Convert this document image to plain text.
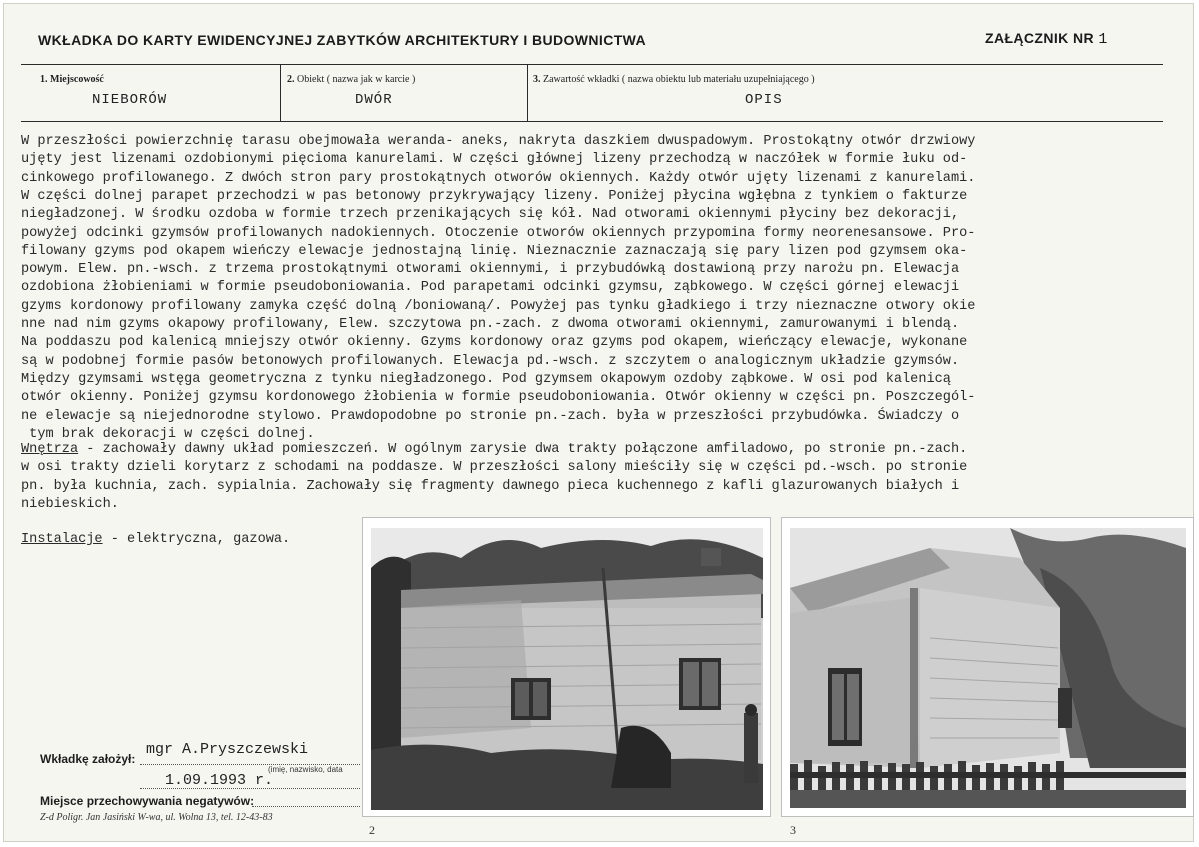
WKŁADKA DO KARTY EWIDENCYJNEJ ZABYTKÓW ARCHITEKTURY I BUDOWNICTWA	ZAŁĄCZNIK NR 1
1. Miejscowość	2. Obiekt ( nazwa jak w karcie )	3. Zawartość wkładki ( nazwa obiektu lub materiału uzupełniającego )
NIEBORÓW	DWÓR	OPIS
W przeszłości powierzchnię tarasu obejmowała weranda- aneks, nakryta daszkiem dwuspadowym. Prostokątny otwór drzwiowy
ujęty jest lizenami ozdobionymi pięcioma kanurelami. W części głównej lizeny przechodzą w naczółek w formie łuku od-
cinkowego profilowanego. Z dwóch stron pary prostokątnych otworów okiennych. Każdy otwór ujęty lizenami z kanurelami.
W części dolnej parapet przechodzi w pas betonowy przykrywający lizeny. Poniżej płycina wgłębna z tynkiem o fakturze
niegładzonej. W środku ozdoba w formie trzech przenikających się kół. Nad otworami okiennymi płyciny bez dekoracji,
powyżej odcinki gzymsów profilowanych nadokiennych. Otoczenie otworów okiennych przypomina formy neorenesansowe. Pro-
filowany gzyms pod okapem wieńczy elewacje jednostajną linię. Nieznacznie zaznaczają się pary lizen pod gzymsem oka-
powym. Elew. pn.-wsch. z trzema prostokątnymi otworami okiennymi, i przybudówką dostawioną przy narożu pn. Elewacja
ozdobiona żłobieniami w formie pseudoboniowania. Pod parapetami odcinki gzymsu, ząbkowego. W części górnej elewacji
gzyms kordonowy profilowany zamyka część dolną /boniowaną/. Powyżej pas tynku gładkiego i trzy nieznaczne otwory okie
nne nad nim gzyms okapowy profilowany, Elew. szczytowa pn.-zach. z dwoma otworami okiennymi, zamurowanymi i blendą.
Na poddaszu pod kalenicą mniejszy otwór okienny. Gzyms kordonowy oraz gzyms pod okapem, wieńczący elewacje, wykonane
są w podobnej formie pasów betonowych profilowanych. Elewacja pd.-wsch. z szczytem o analogicznym układzie gzymsów.
Między gzymsami wstęga geometryczna z tynku niegładzonego. Pod gzymsem okapowym ozdoby ząbkowe. W osi pod kalenicą
otwór okienny. Poniżej gzymsu kordonowego żłobienia w formie pseudoboniowania. Otwór okienny w części pn. Poszczegól-
ne elewacje są niejednorodne stylowo. Prawdopodobne po stronie pn.-zach. była w przeszłości przybudówka. Świadczy o
tym brak dekoracji w części dolnej.
Wnętrza - zachowały dawny układ pomieszczeń. W ogólnym zarysie dwa trakty połączone amfiladowo, po stronie pn.-zach.
w osi trakty dzieli korytarz z schodami na poddasze. W przeszłości salony mieściły się w części pd.-wsch. po stronie
pn. była kuchnia, zach. sypialnia. Zachowały się fragmenty dawnego pieca kuchennego z kafli glazurowanych białych i
niebieskich.
Instalacje - elektryczna, gazowa.
Wkładkę założył:
mgr A.Pryszczewski
(imię, nazwisko, data
1.09.1993 r.
Miejsce przechowywania negatywów:
Z-d Poligr. Jan Jasiński W-wa, ul. Wolna 13, tel. 12-43-83
2	3
